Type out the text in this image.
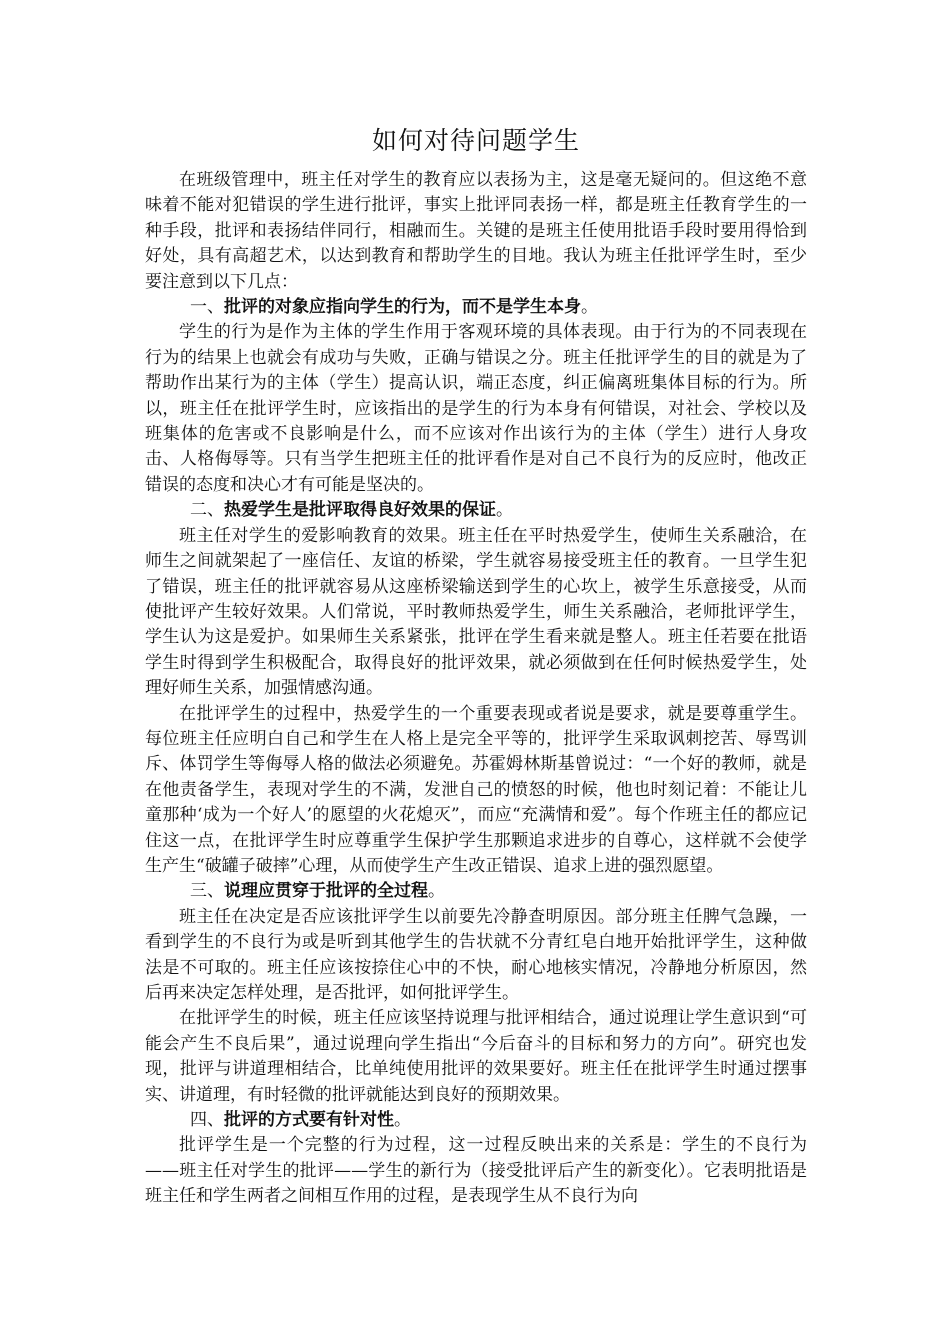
如何对待问题学生

在班级管理中，班主任对学生的教育应以表扬为主，这是毫无疑问的。但这绝不意味着不能对犯错误的学生进行批评，事实上批评同表扬一样，都是班主任教育学生的一种手段，批评和表扬结伴同行，相融而生。关键的是班主任使用批语手段时要用得恰到好处，具有高超艺术，以达到教育和帮助学生的目地。我认为班主任批评学生时，至少要注意到以下几点：

一、批评的对象应指向学生的行为，而不是学生本身。

学生的行为是作为主体的学生作用于客观环境的具体表现。由于行为的不同表现在行为的结果上也就会有成功与失败，正确与错误之分。班主任批评学生的目的就是为了帮助作出某行为的主体（学生）提高认识，端正态度，纠正偏离班集体目标的行为。所以，班主任在批评学生时，应该指出的是学生的行为本身有何错误，对社会、学校以及班集体的危害或不良影响是什么，而不应该对作出该行为的主体（学生）进行人身攻击、人格侮辱等。只有当学生把班主任的批评看作是对自己不良行为的反应时，他改正错误的态度和决心才有可能是坚决的。

二、热爱学生是批评取得良好效果的保证。

班主任对学生的爱影响教育的效果。班主任在平时热爱学生，使师生关系融洽，在师生之间就架起了一座信任、友谊的桥梁，学生就容易接受班主任的教育。一旦学生犯了错误，班主任的批评就容易从这座桥梁输送到学生的心坎上，被学生乐意接受，从而使批评产生较好效果。人们常说，平时教师热爱学生，师生关系融洽，老师批评学生，学生认为这是爱护。如果师生关系紧张，批评在学生看来就是整人。班主任若要在批语学生时得到学生积极配合，取得良好的批评效果，就必须做到在任何时候热爱学生，处理好师生关系，加强情感沟通。

在批评学生的过程中，热爱学生的一个重要表现或者说是要求，就是要尊重学生。每位班主任应明白自己和学生在人格上是完全平等的，批评学生采取讽刺挖苦、辱骂训斥、体罚学生等侮辱人格的做法必须避免。苏霍姆林斯基曾说过：“一个好的教师，就是在他责备学生，表现对学生的不满，发泄自己的愤怒的时候，他也时刻记着：不能让儿童那种‘成为一个好人’的愿望的火花熄灭”，而应“充满情和爱”。每个作班主任的都应记住这一点，在批评学生时应尊重学生保护学生那颗追求进步的自尊心，这样就不会使学生产生“破罐子破摔”心理，从而使学生产生改正错误、追求上进的强烈愿望。

三、说理应贯穿于批评的全过程。

班主任在决定是否应该批评学生以前要先冷静查明原因。部分班主任脾气急躁，一看到学生的不良行为或是听到其他学生的告状就不分青红皂白地开始批评学生，这种做法是不可取的。班主任应该按捺住心中的不快，耐心地核实情况，冷静地分析原因，然后再来决定怎样处理，是否批评，如何批评学生。

在批评学生的时候，班主任应该坚持说理与批评相结合，通过说理让学生意识到“可能会产生不良后果”，通过说理向学生指出“今后奋斗的目标和努力的方向”。研究也发现，批评与讲道理相结合，比单纯使用批评的效果要好。班主任在批评学生时通过摆事实、讲道理，有时轻微的批评就能达到良好的预期效果。

四、批评的方式要有针对性。

批评学生是一个完整的行为过程，这一过程反映出来的关系是：学生的不良行为——班主任对学生的批评——学生的新行为（接受批评后产生的新变化）。它表明批语是班主任和学生两者之间相互作用的过程，是表现学生从不良行为向
